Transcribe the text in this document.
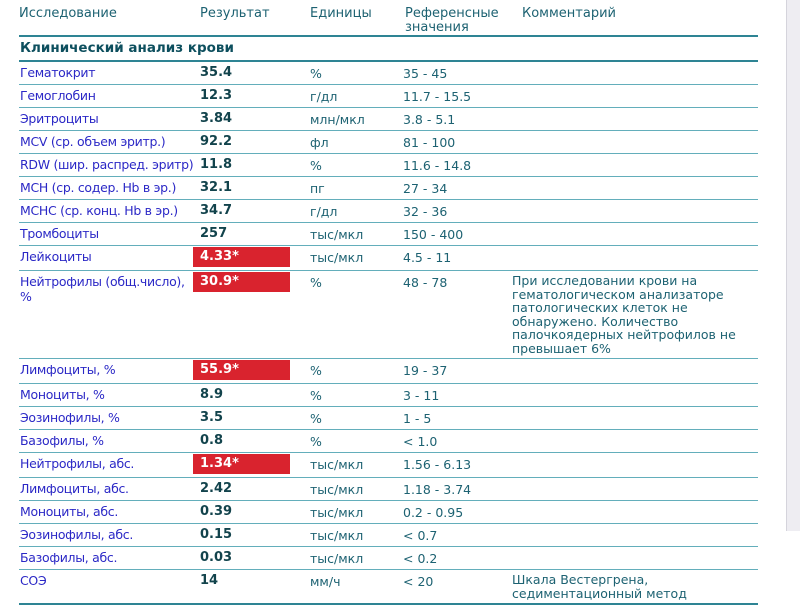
Исследование	Результат	Единицы	Референсные значения
Комментарий
Клинический анализ крови
Гематокрит	35.4	%	35 - 45
Гемоглобин	12.3	г/дл	11.7 - 15.5
Эритроциты	3.84	млн/мкл	3.8 - 5.1
MCV (ср. объем эритр.)	92.2	фл	81 - 100
RDW (шир. распред. эритр) 11.8	%	11.6 - 14.8
MCH (ср. содер. Hb в эр.)	32.1	пг	27 - 34
MCHC (ср. конц. Hb в эр.)	34.7	г/дл	32 - 36
Тромбоциты	257	тыс/мкл	150 - 400
Лейкоциты	4.33*	тыс/мкл	4.5 - 11
Нейтрофилы (общ.число), %
30.9*	%	48 - 78	При исследовании крови на гематологическом анализаторе патологических клеток не обнаружено. Количество палочкоядерных нейтрофилов не превышает 6%
Лимфоциты, %	55.9*	%	19 - 37
Моноциты, %	8.9	%	3 - 11
Эозинофилы, %	3.5	%	1 - 5
Базофилы, %	0.8	%	< 1.0
Нейтрофилы, абс.	1.34*	тыс/мкл	1.56 - 6.13
Лимфоциты, абс.	2.42	тыс/мкл	1.18 - 3.74
Моноциты, абс.	0.39	тыс/мкл	0.2 - 0.95
Эозинофилы, абс.	0.15	тыс/мкл	< 0.7
Базофилы, абс.	0.03	тыс/мкл	< 0.2
СОЭ	14	мм/ч	< 20	Шкала Вестергрена, седиментационный метод
